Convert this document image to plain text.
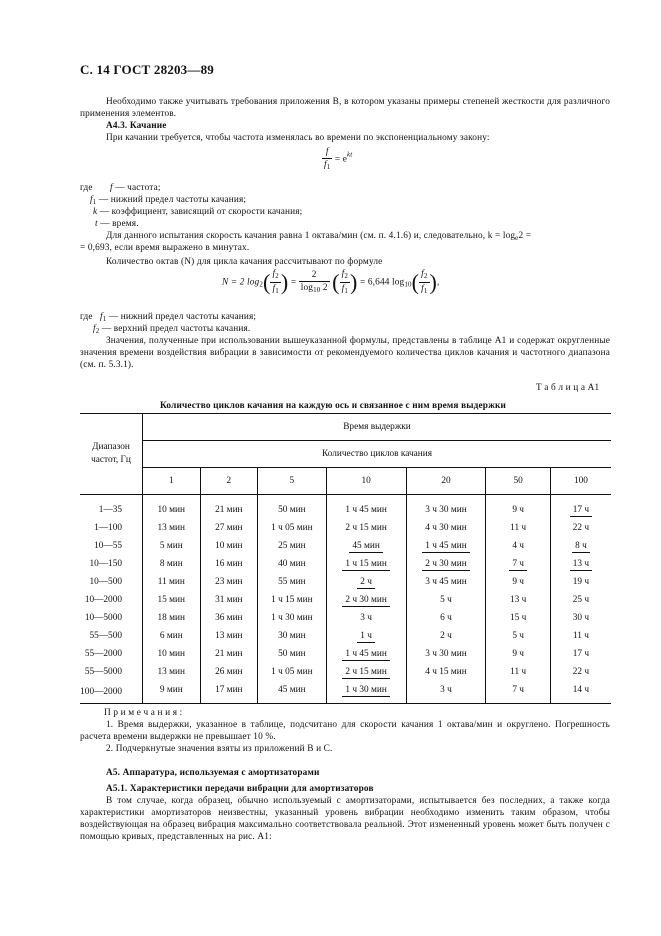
С. 14 ГОСТ 28203—89
Необходимо также учитывать требования приложения В, в котором указаны примеры степеней жесткости для различного применения элементов.
А4.3. Качание
При качании требуется, чтобы частота изменялась во времени по экспоненциальному закону:
$\frac{f}{f_1} = e^{kt}$
где f — частота;
$f_1$ — нижний предел частоты качания;
k — коэффициент, зависящий от скорости качания;
t — время.
Для данного испытания скорость качания равна 1 октава/мин (см. п. 4.1.6) и, следовательно, $k = \log_e2$ =
= 0,693, если время выражено в минутах.
Количество октав (N) для цикла качания рассчитывают по формуле
N = 2 $\log_2( \frac{f_2}{f_1}$ ) = $\frac{2}{\log_{10} 2}$ ( $\frac{f_2}{f_1}$ ) = 6,644 $\log_{10}( \frac{f_2}{f_1}$ ),
где $f_1$ — нижний предел частоты качания;
$f_2$ — верхний предел частоты качания.
Значения, полученные при использовании вышеуказанной формулы, представлены в таблице А1 и содержат округленные значения времени воздействия вибрации в зависимости от рекомендуемого количества циклов качания и частотного диапазона (см. п. 5.3.1).
Т а б л и ц а А1
Количество циклов качания на каждую ось и связанное с ним время выдержки
Диапазон частот, Гц	Время выдержки						
	Количество циклов качания						
	1	2	5	10	20	50	100
1—35	10 мин	21 мин	50 мин	1 ч 45 мин	3 ч 30 мин	9 ч	17 ч
1—100	13 мин	27 мин	1 ч 05 мин	2 ч 15 мин	4 ч 30 мин	11 ч	22 ч
10—55	5 мин	10 мин	25 мин	45 мин	1 ч 45 мин	4 ч	8 ч
10—150	8 мин	16 мин	40 мин	1 ч 15 мин	2 ч 30 мин	7 ч	13 ч
10—500	11 мин	23 мин	55 мин	2 ч	3 ч 45 мин	9 ч	19 ч
10—2000	15 мин	31 мин	1 ч 15 мин	2 ч 30 мин	5 ч	13 ч	25 ч
10—5000	18 мин	36 мин	1 ч 30 мин	3 ч	6 ч	15 ч	30 ч
55—500	6 мин	13 мин	30 мин	1 ч	2 ч	5 ч	11 ч
55—2000	10 мин	21 мин	50 мин	1 ч 45 мин	3 ч 30 мин	9 ч	17 ч
55—5000	13 мин	26 мин	1 ч 05 мин	2 ч 15 мин	4 ч 15 мин	11 ч	22 ч
100—2000	9 мин	17 мин	45 мин	1 ч 30 мин	3 ч	7 ч	14 ч
П р и м е ч а н и я :
1. Время выдержки, указанное в таблице, подсчитано для скорости качания 1 октава/мин и округлено. Погрешность расчета времени выдержки не превышает 10 %.
2. Подчеркнутые значения взяты из приложений В и С.
А5. Аппаратура, используемая с амортизаторами
А5.1. Характеристики передачи вибрации для амортизаторов
В том случае, когда образец, обычно используемый с амортизаторами, испытывается без последних, а также когда характеристики амортизаторов неизвестны, указанный уровень вибрации необходимо изменить таким образом, чтобы воздействующая на образец вибрация максимально соответствовала реальной. Этот измененный уровень может быть получен с помощью кривых, представленных на рис. А1:
